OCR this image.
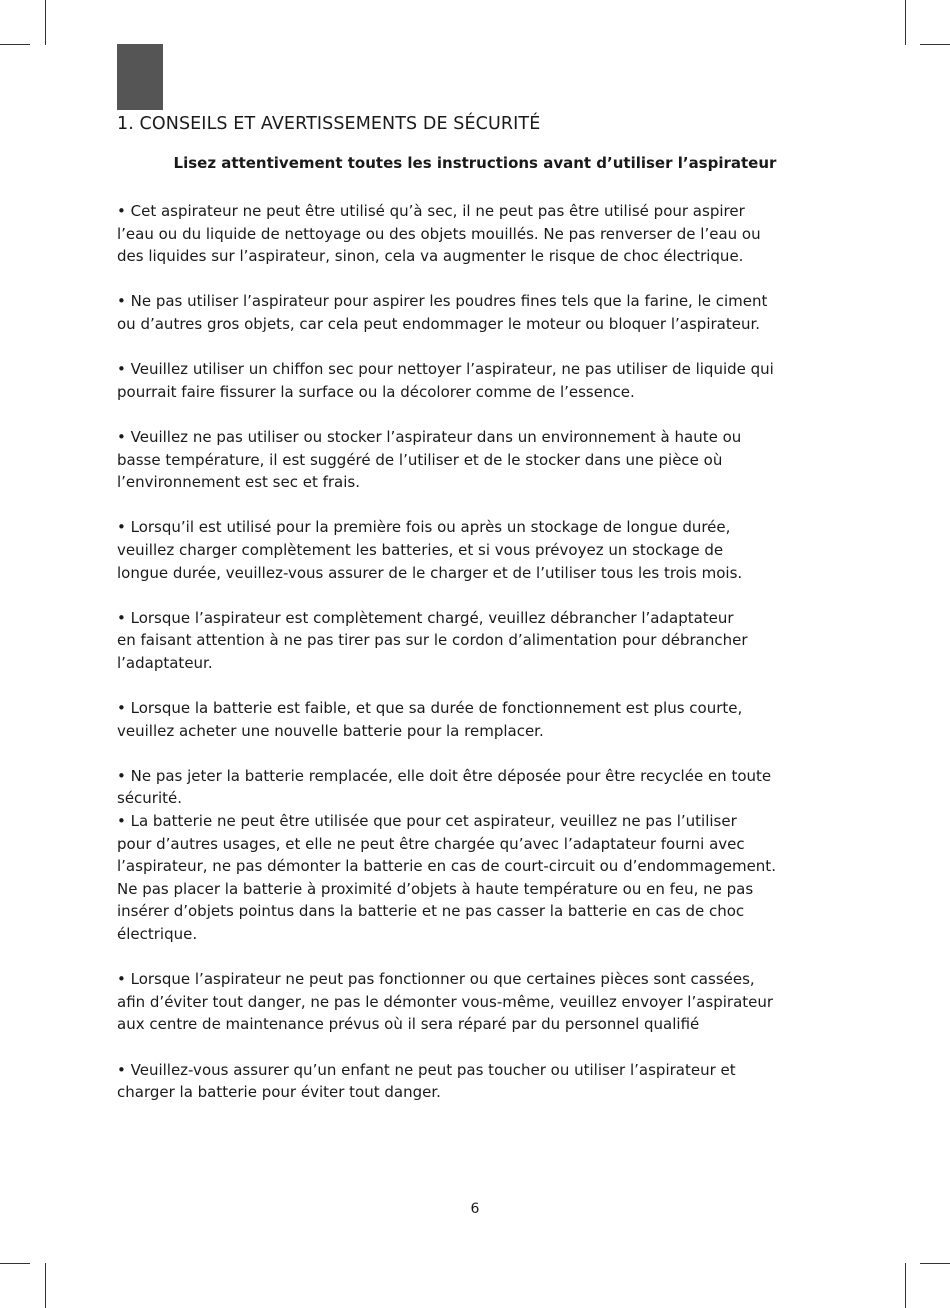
1. CONSEILS ET AVERTISSEMENTS DE SÉCURITÉ
Lisez attentivement toutes les instructions avant d’utiliser l’aspirateur

• Cet aspirateur ne peut être utilisé qu’à sec, il ne peut pas être utilisé pour aspirer
l’eau ou du liquide de nettoyage ou des objets mouillés. Ne pas renverser de l’eau ou
des liquides sur l’aspirateur, sinon, cela va augmenter le risque de choc électrique.

• Ne pas utiliser l’aspirateur pour aspirer les poudres fines tels que la farine, le ciment
ou d’autres gros objets, car cela peut endommager le moteur ou bloquer l’aspirateur.

• Veuillez utiliser un chiffon sec pour nettoyer l’aspirateur, ne pas utiliser de liquide qui
pourrait faire fissurer la surface ou la décolorer comme de l’essence.

• Veuillez ne pas utiliser ou stocker l’aspirateur dans un environnement à haute ou
basse température, il est suggéré de l’utiliser et de le stocker dans une pièce où
l’environnement est sec et frais.

• Lorsqu’il est utilisé pour la première fois ou après un stockage de longue durée,
veuillez charger complètement les batteries, et si vous prévoyez un stockage de
longue durée, veuillez-vous assurer de le charger et de l’utiliser tous les trois mois.

• Lorsque l’aspirateur est complètement chargé, veuillez débrancher l’adaptateur
en faisant attention à ne pas tirer pas sur le cordon d’alimentation pour débrancher
l’adaptateur.

• Lorsque la batterie est faible, et que sa durée de fonctionnement est plus courte,
veuillez acheter une nouvelle batterie pour la remplacer.

• Ne pas jeter la batterie remplacée, elle doit être déposée pour être recyclée en toute
sécurité.
• La batterie ne peut être utilisée que pour cet aspirateur, veuillez ne pas l’utiliser
pour d’autres usages, et elle ne peut être chargée qu’avec l’adaptateur fourni avec
l’aspirateur, ne pas démonter la batterie en cas de court-circuit ou d’endommagement.
Ne pas placer la batterie à proximité d’objets à haute température ou en feu, ne pas
insérer d’objets pointus dans la batterie et ne pas casser la batterie en cas de choc
électrique.

• Lorsque l’aspirateur ne peut pas fonctionner ou que certaines pièces sont cassées,
afin d’éviter tout danger, ne pas le démonter vous-même, veuillez envoyer l’aspirateur
aux centre de maintenance prévus où il sera réparé par du personnel qualifié

• Veuillez-vous assurer qu’un enfant ne peut pas toucher ou utiliser l’aspirateur et
charger la batterie pour éviter tout danger.

6
